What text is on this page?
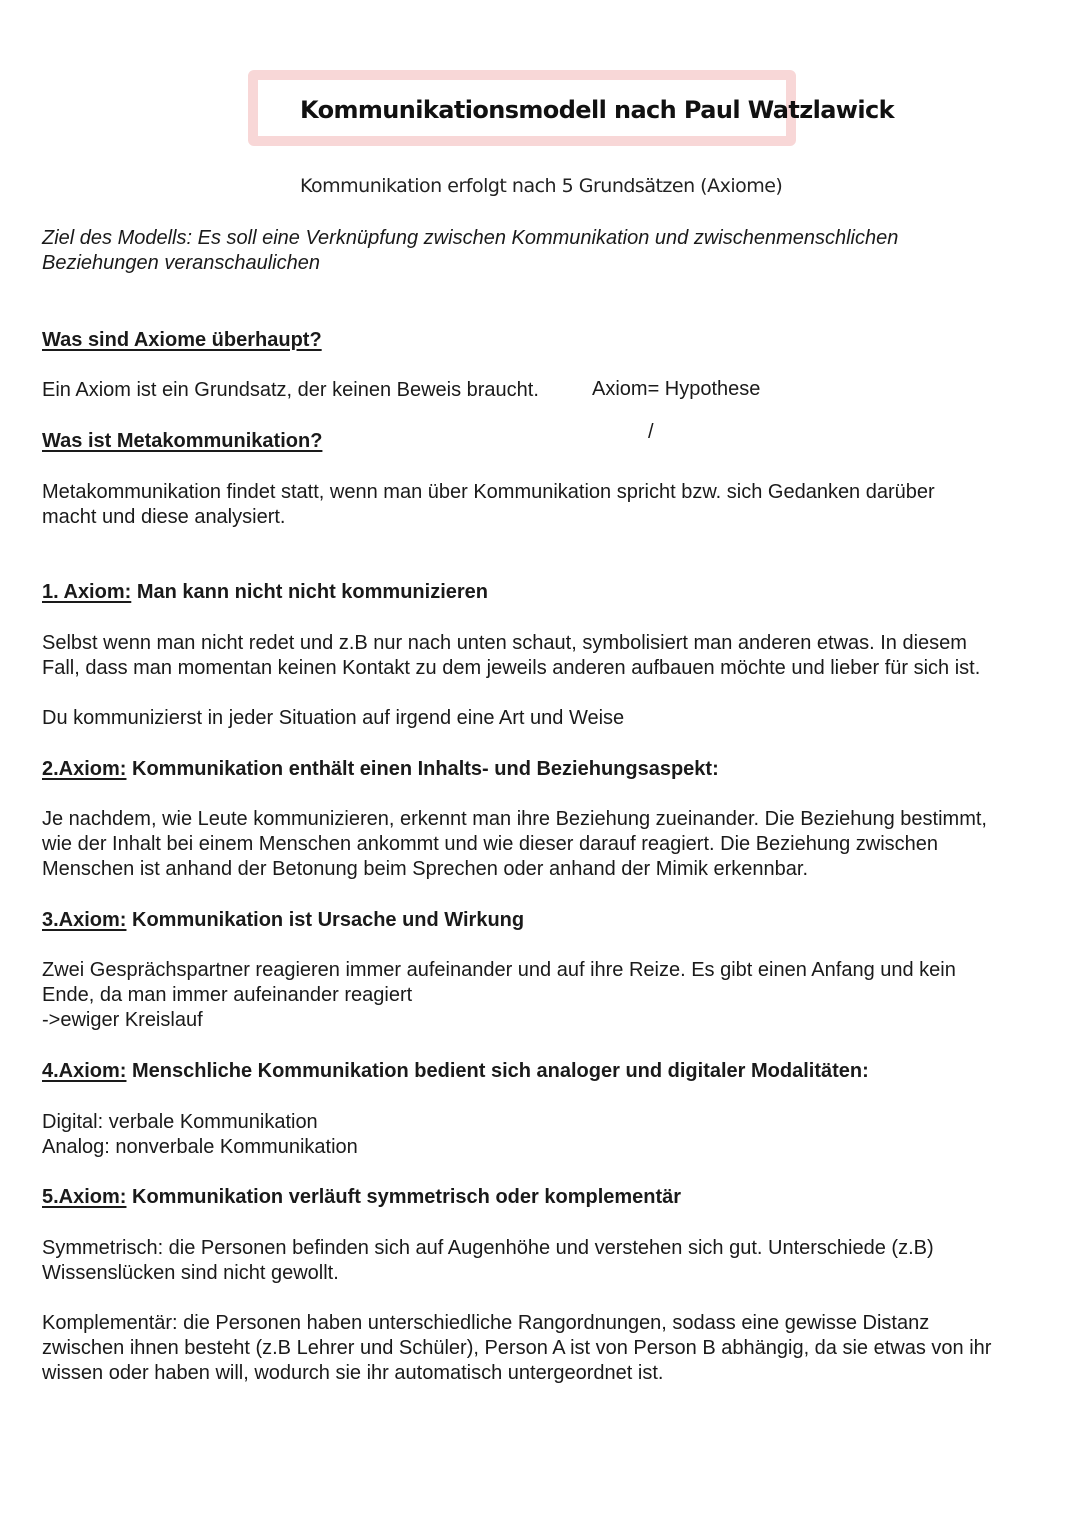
Kommunikationsmodell nach Paul Watzlawick
Kommunikation erfolgt nach 5 Grundsätzen (Axiome)
Ziel des Modells: Es soll eine Verknüpfung zwischen Kommunikation und zwischenmenschlichen
Beziehungen veranschaulichen
Was sind Axiome überhaupt?
Ein Axiom ist ein Grundsatz, der keinen Beweis braucht.	Axiom= Hypothese
/
Was ist Metakommunikation?
Metakommunikation findet statt, wenn man über Kommunikation spricht bzw. sich Gedanken darüber
macht und diese analysiert.
1. Axiom: Man kann nicht nicht kommunizieren
Selbst wenn man nicht redet und z.B nur nach unten schaut, symbolisiert man anderen etwas. In diesem
Fall, dass man momentan keinen Kontakt zu dem jeweils anderen aufbauen möchte und lieber für sich ist.
Du kommunizierst in jeder Situation auf irgend eine Art und Weise
2.Axiom: Kommunikation enthält einen Inhalts- und Beziehungsaspekt:
Je nachdem, wie Leute kommunizieren, erkennt man ihre Beziehung zueinander. Die Beziehung bestimmt,
wie der Inhalt bei einem Menschen ankommt und wie dieser darauf reagiert. Die Beziehung zwischen
Menschen ist anhand der Betonung beim Sprechen oder anhand der Mimik erkennbar.
3.Axiom: Kommunikation ist Ursache und Wirkung
Zwei Gesprächspartner reagieren immer aufeinander und auf ihre Reize. Es gibt einen Anfang und kein
Ende, da man immer aufeinander reagiert
->ewiger Kreislauf
4.Axiom: Menschliche Kommunikation bedient sich analoger und digitaler Modalitäten:
Digital: verbale Kommunikation
Analog: nonverbale Kommunikation
5.Axiom: Kommunikation verläuft symmetrisch oder komplementär
Symmetrisch: die Personen befinden sich auf Augenhöhe und verstehen sich gut. Unterschiede (z.B)
Wissenslücken sind nicht gewollt.
Komplementär: die Personen haben unterschiedliche Rangordnungen, sodass eine gewisse Distanz
zwischen ihnen besteht (z.B Lehrer und Schüler), Person A ist von Person B abhängig, da sie etwas von ihr
wissen oder haben will, wodurch sie ihr automatisch untergeordnet ist.
